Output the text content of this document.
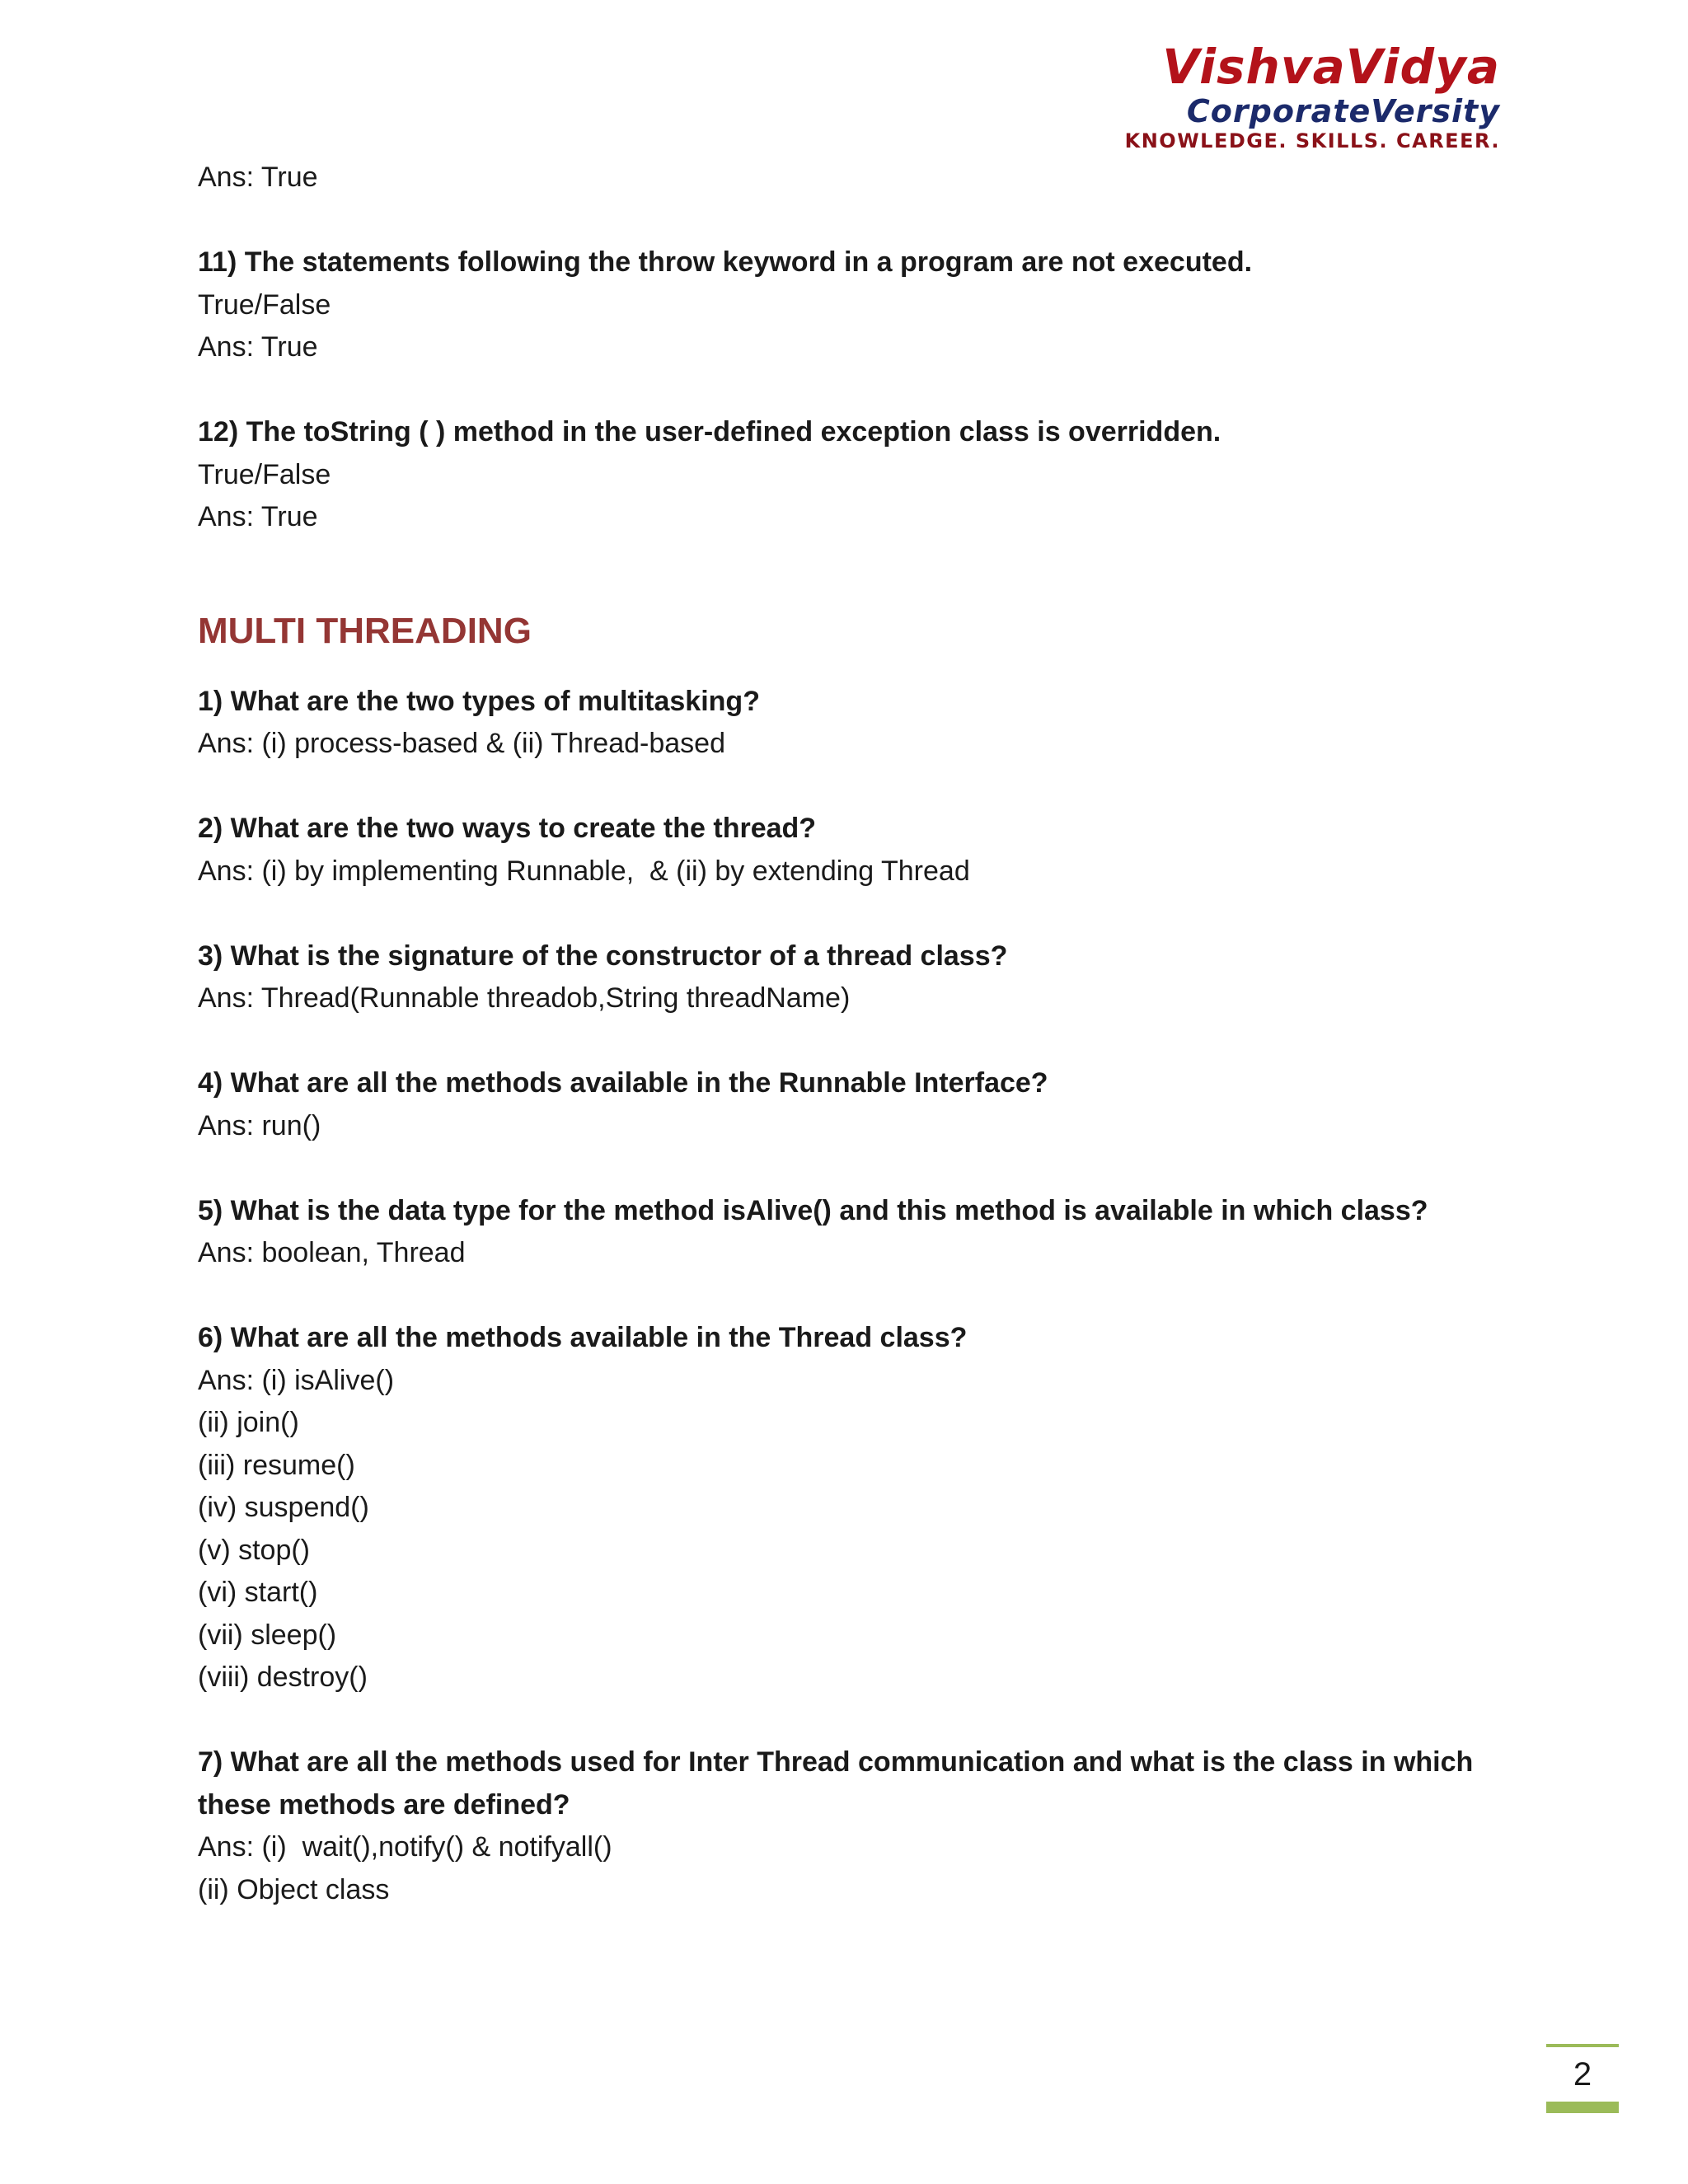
VishvaVidya
CorporateVersity
KNOWLEDGE. SKILLS. CAREER.
Ans: True
11) The statements following the throw keyword in a program are not executed.
True/False
Ans: True
12) The toString ( ) method in the user-defined exception class is overridden.
True/False
Ans: True
MULTI THREADING
1) What are the two types of multitasking?
Ans: (i) process-based & (ii) Thread-based
2) What are the two ways to create the thread?
Ans: (i) by implementing Runnable,  & (ii) by extending Thread
3) What is the signature of the constructor of a thread class?
Ans: Thread(Runnable threadob,String threadName)
4) What are all the methods available in the Runnable Interface?
Ans: run()
5) What is the data type for the method isAlive() and this method is available in which class?
Ans: boolean, Thread
6) What are all the methods available in the Thread class?
Ans: (i) isAlive()
(ii) join()
(iii) resume()
(iv) suspend()
(v) stop()
(vi) start()
(vii) sleep()
(viii) destroy()
7) What are all the methods used for Inter Thread communication and what is the class in which these methods are defined?
Ans: (i)  wait(),notify() & notifyall()
(ii) Object class
2
